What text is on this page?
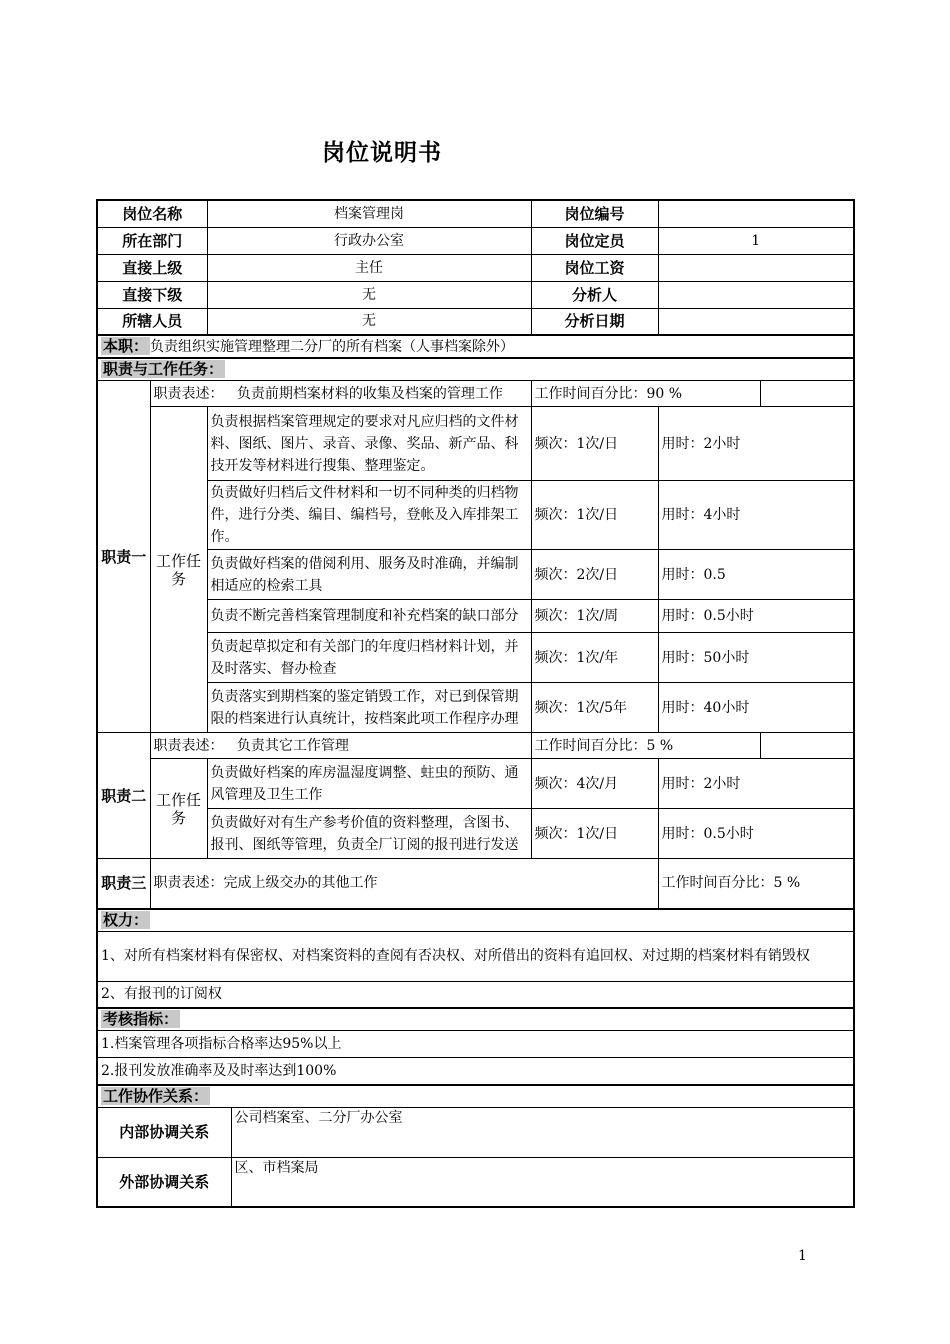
岗位说明书
岗位名称		档案管理岗		岗位编号		
所在部门		行政办公室		岗位定员	1	
直接上级		主任		岗位工资		
直接下级		无		分析人		
所辖人员		无		分析日期		
本职： 负责组织实施管理整理二分厂的所有档案（人事档案除外）						
职责与工作任务：						
职责一	职责表述： 负责前期档案材料的收集及档案的管理工作			工作时间百分比：90 %		
	工作任务	负责根据档案管理规定的要求对凡应归档的文件材料、图纸、图片、录音、录像、奖品、新产品、科技开发等材料进行搜集、整理鉴定。		频次：1次/日	用时：2小时	
		负责做好归档后文件材料和一切不同种类的归档物件，进行分类、编目、编档号，登帐及入库排架工作。		频次：1次/日	用时：4小时	
		负责做好档案的借阅利用、服务及时准确，并编制相适应的检索工具		频次：2次/日	用时：0.5	
		负责不断完善档案管理制度和补充档案的缺口部分		频次：1次/周	用时：0.5小时	
		负责起草拟定和有关部门的年度归档材料计划，并及时落实、督办检查		频次：1次/年	用时：50小时	
		负责落实到期档案的鉴定销毁工作，对已到保管期限的档案进行认真统计，按档案此项工作程序办理		频次：1次/5年	用时：40小时	
职责二	职责表述： 负责其它工作管理			工作时间百分比：5 %		
	工作任务	负责做好档案的库房温湿度调整、蛀虫的预防、通风管理及卫生工作		频次：4次/月	用时：2小时	
		负责做好对有生产参考价值的资料整理，含图书、报刊、图纸等管理，负责全厂订阅的报刊进行发送		频次：1次/日	用时：0.5小时	
职责三	职责表述：完成上级交办的其他工作				工作时间百分比：5 %	
权力：						
1、对所有档案材料有保密权、对档案资料的查阅有否决权、对所借出的资料有追回权、对过期的档案材料有销毁权						
2、有报刊的订阅权						
考核指标：						
1.档案管理各项指标合格率达95%以上						
2.报刊发放准确率及及时率达到100%						
工作协作关系：						
内部协调关系			公司档案室、二分厂办公室			
外部协调关系			区、市档案局			
1
